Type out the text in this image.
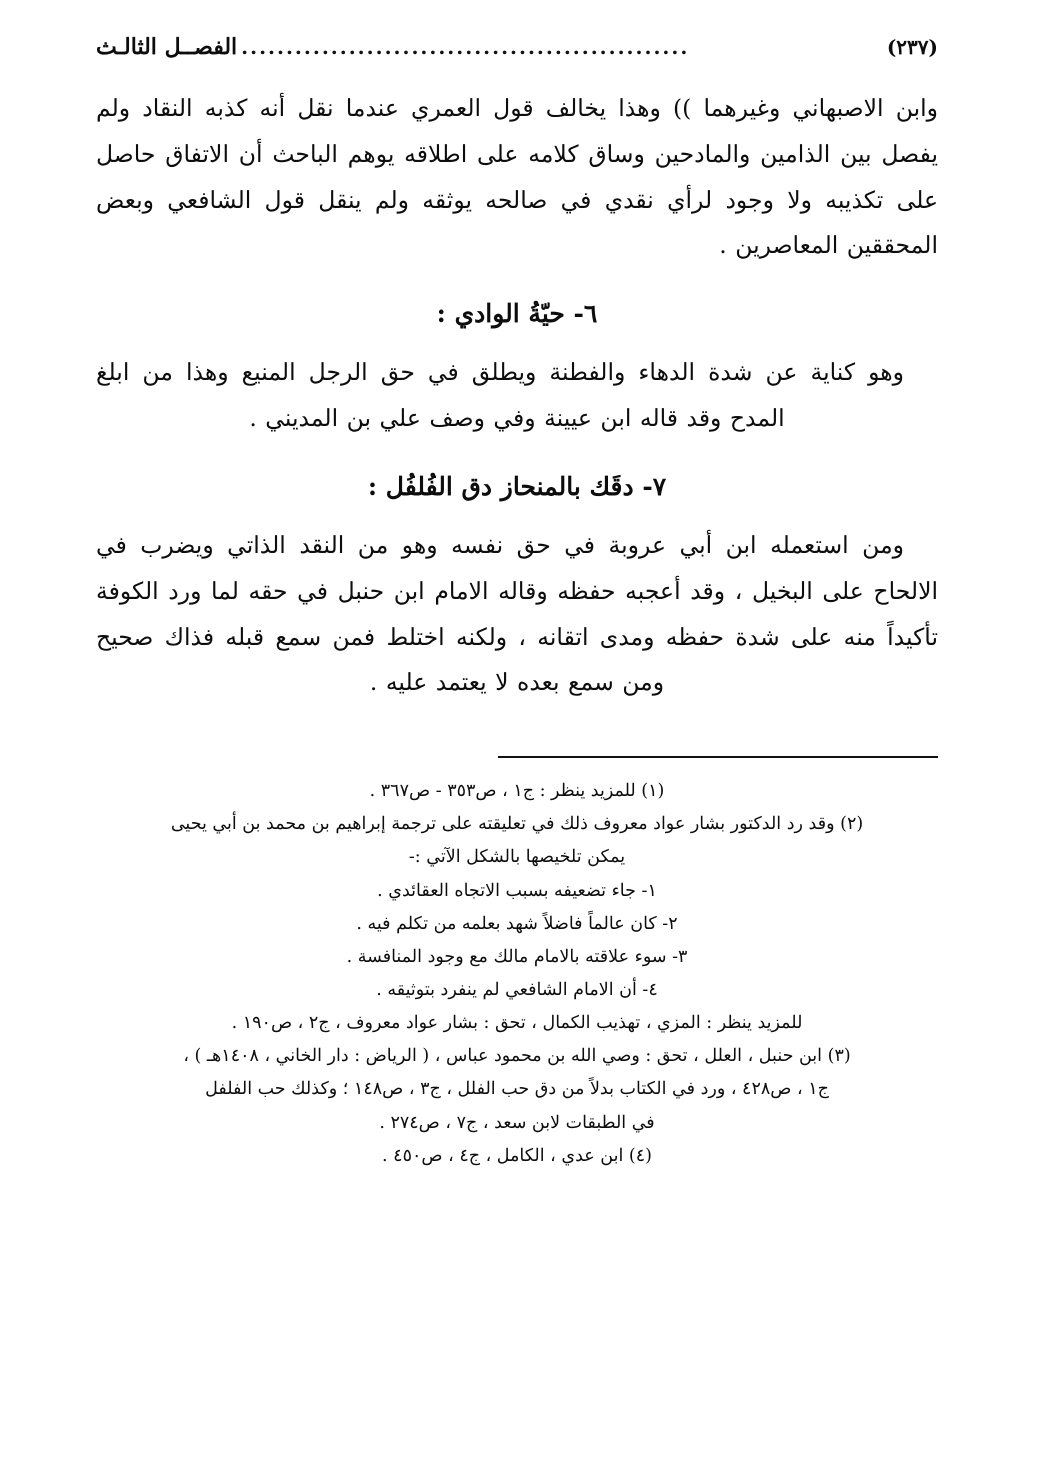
الفصــل الثالـث ..................................................	(٢٣٧)
وابن الاصبهاني وغيرهما )) وهذا يخالف قول العمري عندما نقل أنه كذبه النقاد ولم يفصل بين الذامين والمادحين وساق كلامه على اطلاقه يوهم الباحث أن الاتفاق حاصل على تكذيبه ولا وجود لرأي نقدي في صالحه يوثقه ولم ينقل قول الشافعي وبعض المحققين المعاصرين .
٦- حيّةُ الوادي :
وهو كناية عن شدة الدهاء والفطنة ويطلق في حق الرجل المنيع وهذا من ابلغ المدح وقد قاله ابن عيينة وفي وصف علي بن المديني .
٧- دقَك بالمنحاز دق الفُلفُل :
ومن استعمله ابن أبي عروبة في حق نفسه وهو من النقد الذاتي ويضرب في الالحاح على البخيل ، وقد أعجبه حفظه وقاله الامام ابن حنبل في حقه لما ورد الكوفة تأكيداً منه على شدة حفظه ومدى اتقانه ، ولكنه اختلط فمن سمع قبله فذاك صحيح ومن سمع بعده لا يعتمد عليه .
(١) للمزيد ينظر : ج١ ، ص٣٥٣ - ص٣٦٧ .
(٢) وقد رد الدكتور بشار عواد معروف ذلك في تعليقته على ترجمة إبراهيم بن محمد بن أبي يحيى
يمكن تلخيصها بالشكل الآتي :-
١- جاء تضعيفه بسبب الاتجاه العقائدي .
٢- كان عالماً فاضلاً شهد بعلمه من تكلم فيه .
٣- سوء علاقته بالامام مالك مع وجود المنافسة .
٤- أن الامام الشافعي لم ينفرد بتوثيقه .
للمزيد ينظر : المزي ، تهذيب الكمال ، تحق : بشار عواد معروف ، ج٢ ، ص١٩٠ .
(٣) ابن حنبل ، العلل ، تحق : وصي الله بن محمود عباس ، ( الرياض : دار الخاني ، ١٤٠٨هـ ) ،
ج١ ، ص٤٢٨ ، ورد في الكتاب بدلاً من دق حب الفلل ، ج٣ ، ص١٤٨ ؛ وكذلك حب الفلفل
في الطبقات لابن سعد ، ج٧ ، ص٢٧٤ .
(٤) ابن عدي ، الكامل ، ج٤ ، ص٤٥٠ .
